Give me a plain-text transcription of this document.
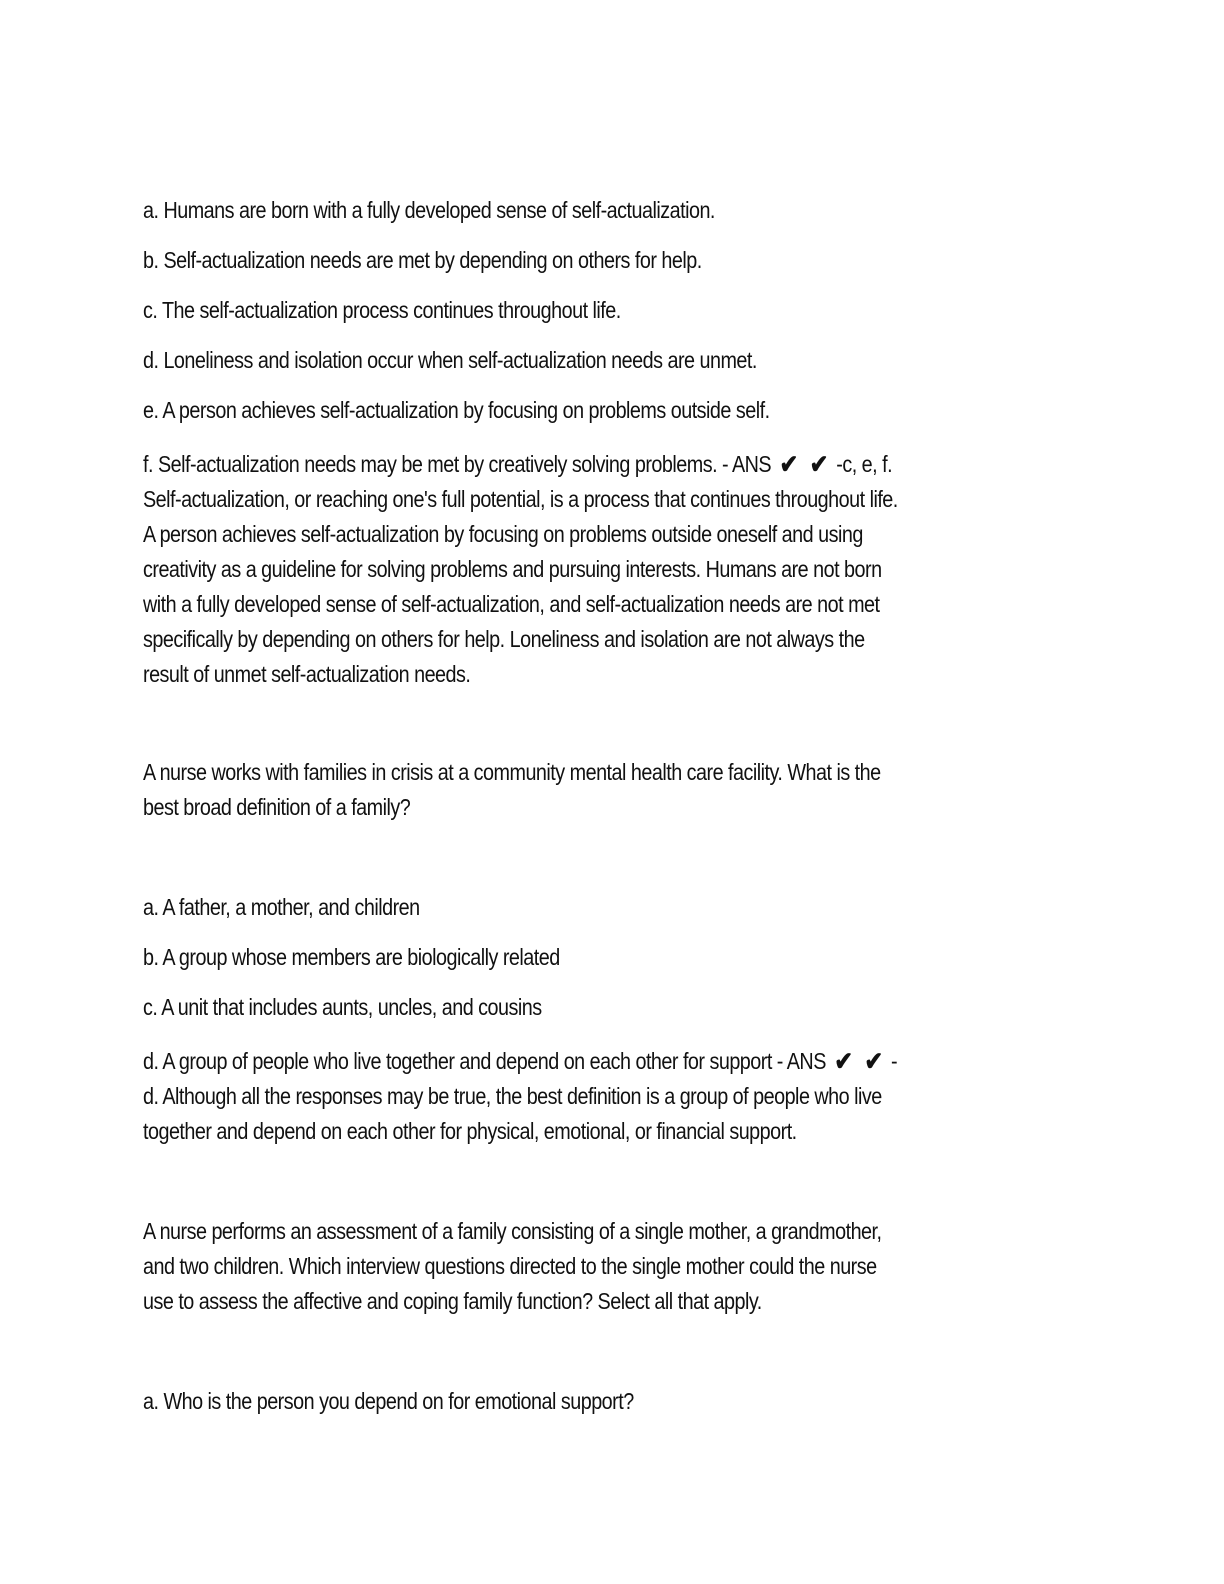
a. Humans are born with a fully developed sense of self-actualization.
b. Self-actualization needs are met by depending on others for help.
c. The self-actualization process continues throughout life.
d. Loneliness and isolation occur when self-actualization needs are unmet.
e. A person achieves self-actualization by focusing on problems outside self.
f. Self-actualization needs may be met by creatively solving problems. - ANS ✔ ✔ -c, e, f.
Self-actualization, or reaching one's full potential, is a process that continues throughout life.
A person achieves self-actualization by focusing on problems outside oneself and using
creativity as a guideline for solving problems and pursuing interests. Humans are not born
with a fully developed sense of self-actualization, and self-actualization needs are not met
specifically by depending on others for help. Loneliness and isolation are not always the
result of unmet self-actualization needs.
A nurse works with families in crisis at a community mental health care facility. What is the
best broad definition of a family?
a. A father, a mother, and children
b. A group whose members are biologically related
c. A unit that includes aunts, uncles, and cousins
d. A group of people who live together and depend on each other for support - ANS ✔ ✔ -
d. Although all the responses may be true, the best definition is a group of people who live
together and depend on each other for physical, emotional, or financial support.
A nurse performs an assessment of a family consisting of a single mother, a grandmother,
and two children. Which interview questions directed to the single mother could the nurse
use to assess the affective and coping family function? Select all that apply.
a. Who is the person you depend on for emotional support?
